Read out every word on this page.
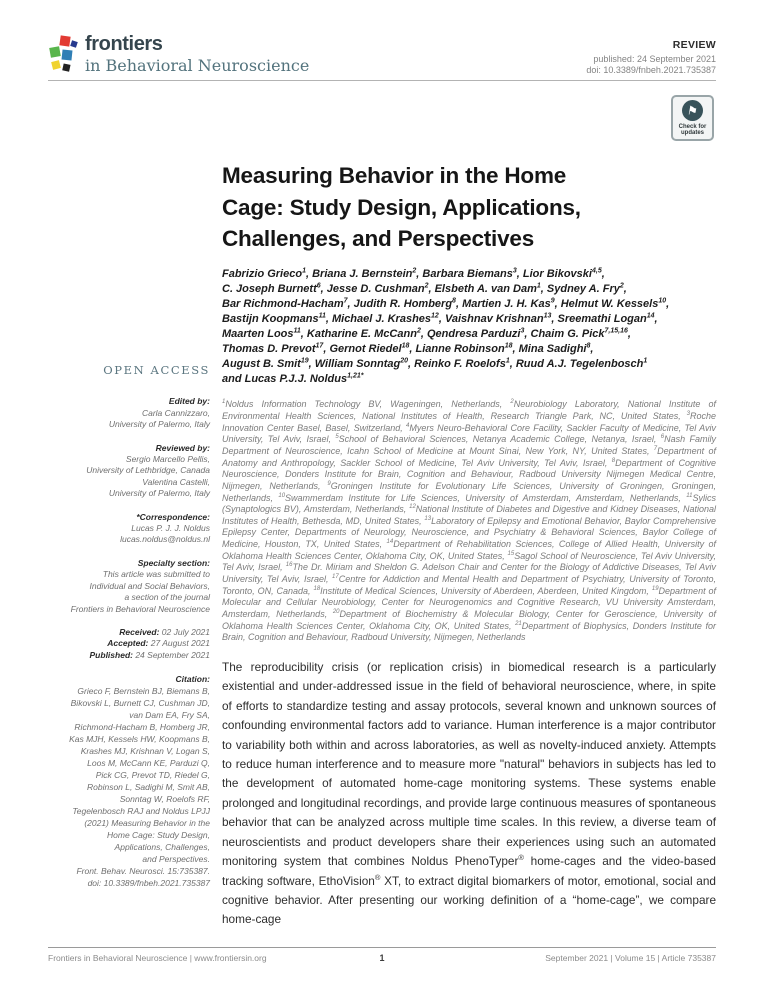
frontiers
in Behavioral Neuroscience
REVIEW
published: 24 September 2021
doi: 10.3389/fnbeh.2021.735387
⚑
Check for
updates
OPEN ACCESS
Edited by:
Carla Cannizzaro,
University of Palermo, Italy
Reviewed by:
Sergio Marcello Pellis,
University of Lethbridge, Canada
Valentina Castelli,
University of Palermo, Italy
*Correspondence:
Lucas P. J. J. Noldus
lucas.noldus@noldus.nl
Specialty section:
This article was submitted to
Individual and Social Behaviors,
a section of the journal
Frontiers in Behavioral Neuroscience
Received: 02 July 2021
Accepted: 27 August 2021
Published: 24 September 2021
Citation:
Grieco F, Bernstein BJ, Biemans B,
Bikovski L, Burnett CJ, Cushman JD,
van Dam EA, Fry SA,
Richmond-Hacham B, Homberg JR,
Kas MJH, Kessels HW, Koopmans B,
Krashes MJ, Krishnan V, Logan S,
Loos M, McCann KE, Parduzi Q,
Pick CG, Prevot TD, Riedel G,
Robinson L, Sadighi M, Smit AB,
Sonntag W, Roelofs RF,
Tegelenbosch RAJ and Noldus LPJJ
(2021) Measuring Behavior in the
Home Cage: Study Design,
Applications, Challenges,
and Perspectives.
Front. Behav. Neurosci. 15:735387.
doi: 10.3389/fnbeh.2021.735387
Measuring Behavior in the Home
Cage: Study Design, Applications,
Challenges, and Perspectives
Fabrizio Grieco$^1$, Briana J. Bernstein$^2$, Barbara Biemans$^3$, Lior Bikovski$^{4,5}$,
C. Joseph Burnett$^6$, Jesse D. Cushman$^2$, Elsbeth A. van Dam$^1$, Sydney A. Fry$^2$,
Bar Richmond-Hacham$^7$, Judith R. Homberg$^8$, Martien J. H. Kas$^9$, Helmut W. Kessels$^{10}$,
Bastijn Koopmans$^{11}$, Michael J. Krashes$^{12}$, Vaishnav Krishnan$^{13}$, Sreemathi Logan$^{14}$,
Maarten Loos$^{11}$, Katharine E. McCann$^2$, Qendresa Parduzi$^3$, Chaim G. Pick$^{7,15,16}$,
Thomas D. Prevot$^{17}$, Gernot Riedel$^{18}$, Lianne Robinson$^{18}$, Mina Sadighi$^8$,
August B. Smit$^{19}$, William Sonntag$^{20}$, Reinko F. Roelofs$^1$, Ruud A.J. Tegelenbosch$^1$
and Lucas P.J.J. Noldus$^{1,21*}$

$^1$Noldus Information Technology BV, Wageningen, Netherlands, $^2$Neurobiology Laboratory, National Institute of Environmental Health Sciences, National Institutes of Health, Research Triangle Park, NC, United States, $^3$Roche Innovation Center Basel, Basel, Switzerland, $^4$Myers Neuro-Behavioral Core Facility, Sackler Faculty of Medicine, Tel Aviv University, Tel Aviv, Israel, $^5$School of Behavioral Sciences, Netanya Academic College, Netanya, Israel, $^6$Nash Family Department of Neuroscience, Icahn School of Medicine at Mount Sinai, New York, NY, United States, $^7$Department of Anatomy and Anthropology, Sackler School of Medicine, Tel Aviv University, Tel Aviv, Israel, $^8$Department of Cognitive Neuroscience, Donders Institute for Brain, Cognition and Behaviour, Radboud University Nijmegen Medical Centre, Nijmegen, Netherlands, $^9$Groningen Institute for Evolutionary Life Sciences, University of Groningen, Groningen, Netherlands, $^{10}$Swammerdam Institute for Life Sciences, University of Amsterdam, Amsterdam, Netherlands, $^{11}$Sylics (Synaptologics BV), Amsterdam, Netherlands, $^{12}$National Institute of Diabetes and Digestive and Kidney Diseases, National Institutes of Health, Bethesda, MD, United States, $^{13}$Laboratory of Epilepsy and Emotional Behavior, Baylor Comprehensive Epilepsy Center, Departments of Neurology, Neuroscience, and Psychiatry & Behavioral Sciences, Baylor College of Medicine, Houston, TX, United States, $^{14}$Department of Rehabilitation Sciences, College of Allied Health, University of Oklahoma Health Sciences Center, Oklahoma City, OK, United States, $^{15}$Sagol School of Neuroscience, Tel Aviv University, Tel Aviv, Israel, $^{16}$The Dr. Miriam and Sheldon G. Adelson Chair and Center for the Biology of Addictive Diseases, Tel Aviv University, Tel Aviv, Israel, $^{17}$Centre for Addiction and Mental Health and Department of Psychiatry, University of Toronto, Toronto, ON, Canada, $^{18}$Institute of Medical Sciences, University of Aberdeen, Aberdeen, United Kingdom, $^{19}$Department of Molecular and Cellular Neurobiology, Center for Neurogenomics and Cognitive Research, VU University Amsterdam, Amsterdam, Netherlands, $^{20}$Department of Biochemistry & Molecular Biology, Center for Geroscience, University of Oklahoma Health Sciences Center, Oklahoma City, OK, United States, $^{21}$Department of Biophysics, Donders Institute for Brain, Cognition and Behaviour, Radboud University, Nijmegen, Netherlands

The reproducibility crisis (or replication crisis) in biomedical research is a particularly existential and under-addressed issue in the field of behavioral neuroscience, where, in spite of efforts to standardize testing and assay protocols, several known and unknown sources of confounding environmental factors add to variance. Human interference is a major contributor to variability both within and across laboratories, as well as novelty-induced anxiety. Attempts to reduce human interference and to measure more "natural" behaviors in subjects has led to the development of automated home-cage monitoring systems. These systems enable prolonged and longitudinal recordings, and provide large continuous measures of spontaneous behavior that can be analyzed across multiple time scales. In this review, a diverse team of neuroscientists and product developers share their experiences using such an automated monitoring system that combines Noldus PhenoTyper® home-cages and the video-based tracking software, EthoVision® XT, to extract digital biomarkers of motor, emotional, social and cognitive behavior. After presenting our working definition of a “home-cage”, we compare home-cage

Frontiers in Behavioral Neuroscience | www.frontiersin.org	1	September 2021 | Volume 15 | Article 735387
